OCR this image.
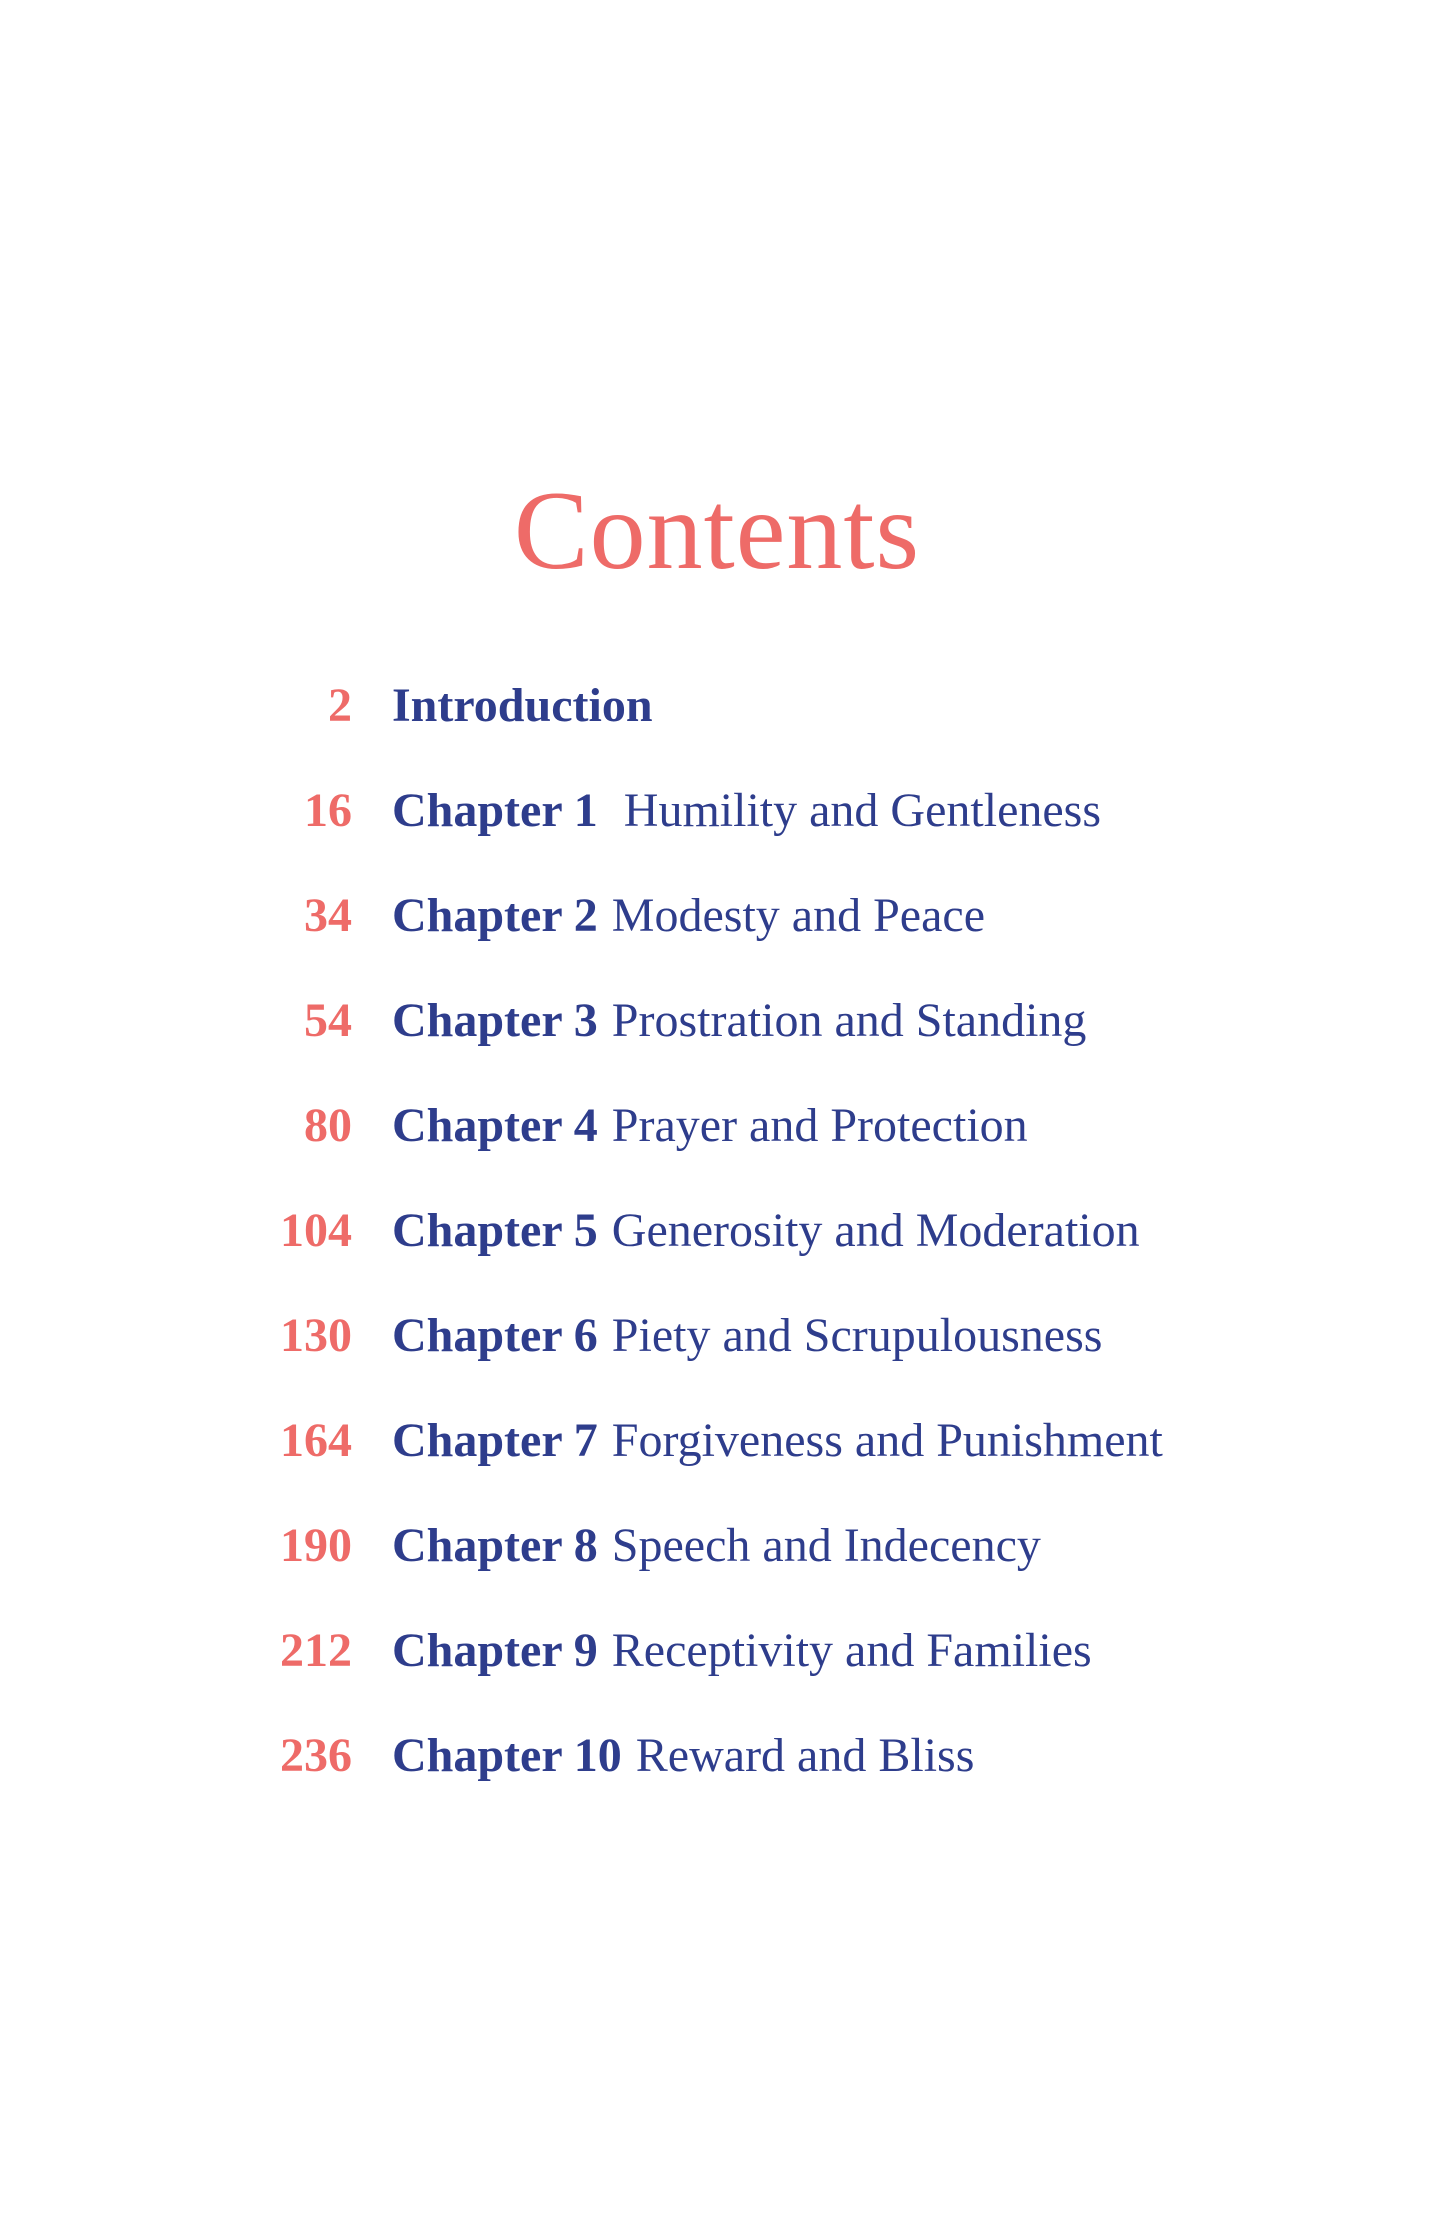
Contents
2 Introduction
16 Chapter 1 Humility and Gentleness
34 Chapter 2 Modesty and Peace
54 Chapter 3 Prostration and Standing
80 Chapter 4 Prayer and Protection
104 Chapter 5 Generosity and Moderation
130 Chapter 6 Piety and Scrupulousness
164 Chapter 7 Forgiveness and Punishment
190 Chapter 8 Speech and Indecency
212 Chapter 9 Receptivity and Families
236 Chapter 10 Reward and Bliss
